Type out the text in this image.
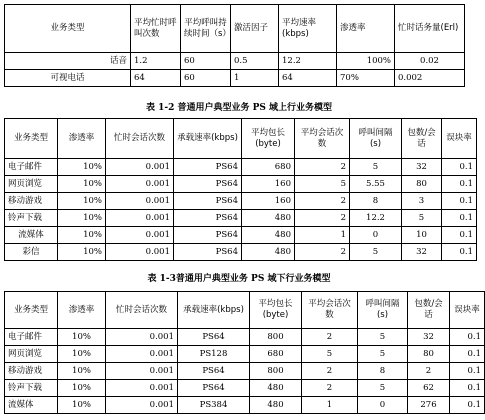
业务类型	平均忙时呼叫次数	平均呼叫持续时间（s）	激活因子	平均速率(kbps)	渗透率	忙时话务量(Erl)
话音	1.2	60	0.5	12.2	100%	0.02
可视电话	64	60	1	64	70%	0.002
表 1-2 普通用户典型业务 PS 域上行业务模型
业务类型	渗透率	忙时会话次数	承载速率(kbps)	平均包长(byte)	平均会话次数	呼叫间隔(s)	包数/会话	误块率
电子邮件	10%	0.001	PS64	680	2	5	32	0.1
网页浏览	10%	0.001	PS64	160	5	5.55	80	0.1
移动游戏	10%	0.001	PS64	160	2	8	3	0.1
铃声下载	10%	0.001	PS64	480	2	12.2	5	0.1
流媒体	10%	0.001	PS64	480	1	0	10	0.1
彩信	10%	0.001	PS64	480	2	5	32	0.1
表 1-3普通用户典型业务 PS 域下行业务模型
业务类型	渗透率	忙时会话次数	承载速率(kbps)	平均包长(byte)	平均会话次数	呼叫间隔(s)	包数/会话	误块率
电子邮件	10%	0.001	PS64	800	2	5	32	0.1
网页浏览	10%	0.001	PS128	680	5	5	80	0.1
移动游戏	10%	0.001	PS64	800	2	8	2	0.1
铃声下载	10%	0.001	PS64	480	2	5	62	0.1
流媒体	10%	0.001	PS384	480	1	0	276	0.1
